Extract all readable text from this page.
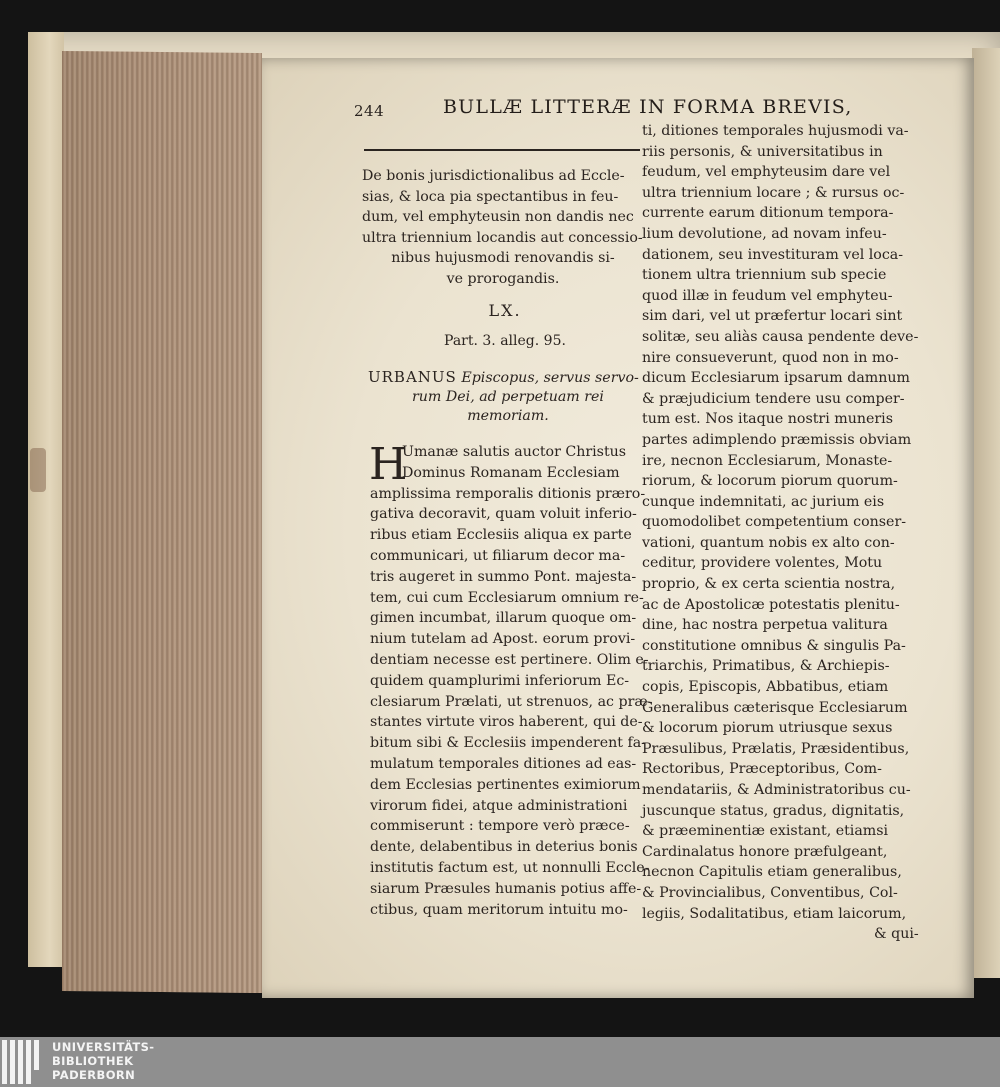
244	BULLÆ LITTERÆ IN FORMA BREVIS,
De bonis jurisdictionalibus ad Eccle-
sias, & loca pia spectantibus in feu-
dum, vel emphyteusin non dandis nec
ultra triennium locandis aut concessio-
nibus hujusmodi renovandis si-
ve prorogandis.
LX.
Part. 3. alleg. 95.
URBANUS Episcopus, servus servo-
rum Dei, ad perpetuam rei
memoriam.
H
Umanæ salutis auctor Christus
Dominus Romanam Ecclesiam
amplissima remporalis ditionis præro-
gativa decoravit, quam voluit inferio-
ribus etiam Ecclesiis aliqua ex parte
communicari, ut filiarum decor ma-
tris augeret in summo Pont. majesta-
tem, cui cum Ecclesiarum omnium re-
gimen incumbat, illarum quoque om-
nium tutelam ad Apost. eorum provi-
dentiam necesse est pertinere. Olim e-
quidem quamplurimi inferiorum Ec-
clesiarum Prælati, ut strenuos, ac præ-
stantes virtute viros haberent, qui de-
bitum sibi & Ecclesiis impenderent fa-
mulatum temporales ditiones ad eas-
dem Ecclesias pertinentes eximiorum
virorum fidei, atque administrationi
commiserunt : tempore verò præce-
dente, delabentibus in deterius bonis
institutis factum est, ut nonnulli Eccle-
siarum Præsules humanis potius affe-
ctibus, quam meritorum intuitu mo-
ti, ditiones temporales hujusmodi va-
riis personis, & universitatibus in
feudum, vel emphyteusim dare vel
ultra triennium locare ; & rursus oc-
currente earum ditionum tempora-
lium devolutione, ad novam infeu-
dationem, seu investituram vel loca-
tionem ultra triennium sub specie
quod illæ in feudum vel emphyteu-
sim dari, vel ut præfertur locari sint
solitæ, seu aliàs causa pendente deve-
nire consueverunt, quod non in mo-
dicum Ecclesiarum ipsarum damnum
& præjudicium tendere usu comper-
tum est. Nos itaque nostri muneris
partes adimplendo præmissis obviam
ire, necnon Ecclesiarum, Monaste-
riorum, & locorum piorum quorum-
cunque indemnitati, ac jurium eis
quomodolibet competentium conser-
vationi, quantum nobis ex alto con-
ceditur, providere volentes, Motu
proprio, & ex certa scientia nostra,
ac de Apostolicæ potestatis plenitu-
dine, hac nostra perpetua valitura
constitutione omnibus & singulis Pa-
triarchis, Primatibus, & Archiepis-
copis, Episcopis, Abbatibus, etiam
Generalibus cæterisque Ecclesiarum
& locorum piorum utriusque sexus
Præsulibus, Prælatis, Præsidentibus,
Rectoribus, Præceptoribus, Com-
mendatariis, & Administratoribus cu-
juscunque status, gradus, dignitatis,
& præeminentiæ existant, etiamsi
Cardinalatus honore præfulgeant,
necnon Capitulis etiam generalibus,
& Provincialibus, Conventibus, Col-
legiis, Sodalitatibus, etiam laicorum,
& qui-
UNIVERSITÄTS-
BIBLIOTHEK
PADERBORN
